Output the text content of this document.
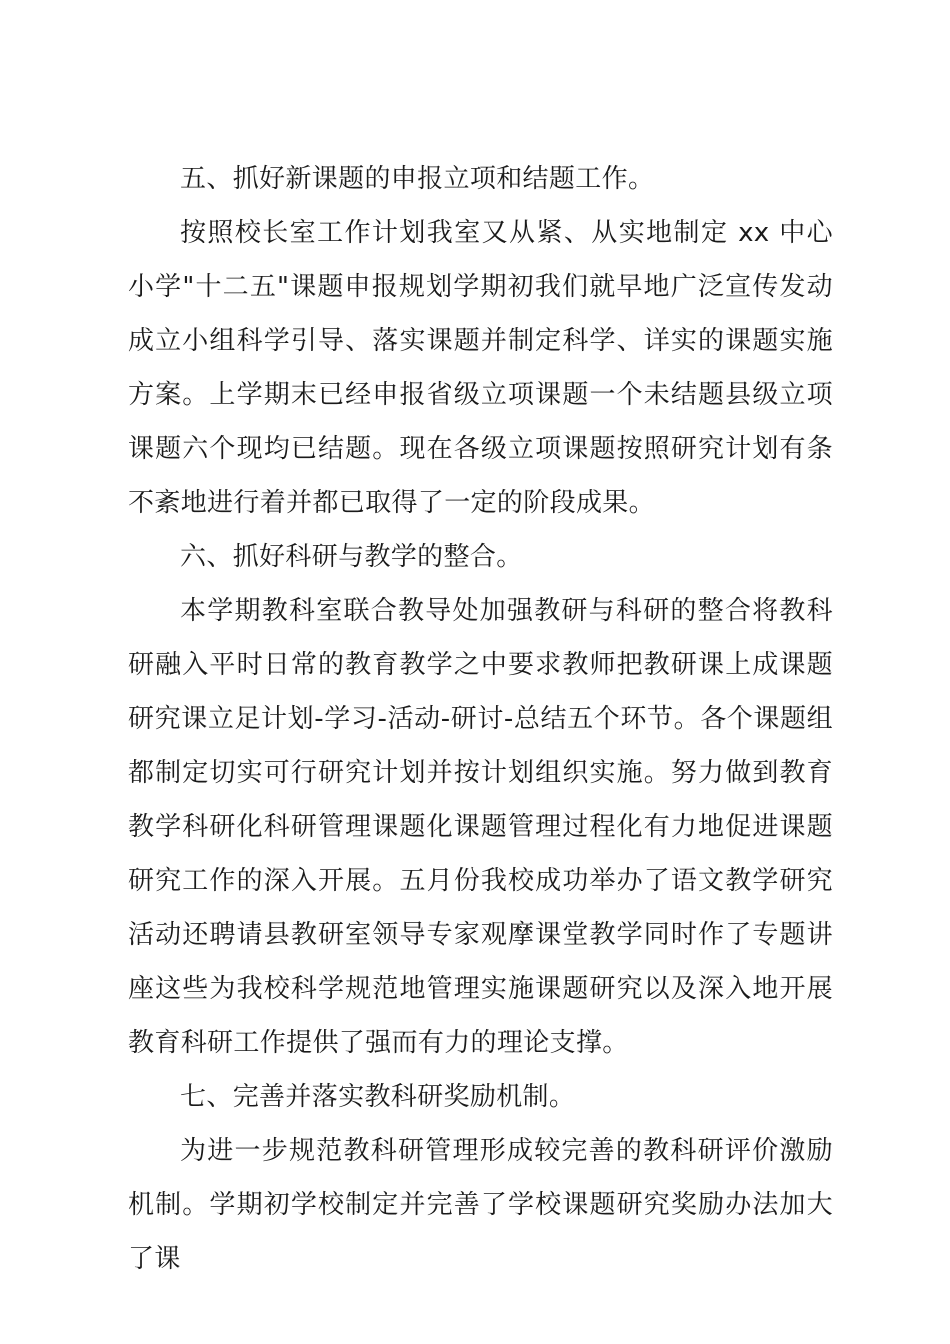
五、抓好新课题的申报立项和结题工作。

按照校长室工作计划我室又从紧、从实地制定 xx 中心小学"十二五"课题申报规划学期初我们就早地广泛宣传发动成立小组科学引导、落实课题并制定科学、详实的课题实施方案。上学期末已经申报省级立项课题一个未结题县级立项课题六个现均已结题。现在各级立项课题按照研究计划有条不紊地进行着并都已取得了一定的阶段成果。

六、抓好科研与教学的整合。

本学期教科室联合教导处加强教研与科研的整合将教科研融入平时日常的教育教学之中要求教师把教研课上成课题研究课立足计划-学习-活动-研讨-总结五个环节。各个课题组都制定切实可行研究计划并按计划组织实施。努力做到教育教学科研化科研管理课题化课题管理过程化有力地促进课题研究工作的深入开展。五月份我校成功举办了语文教学研究活动还聘请县教研室领导专家观摩课堂教学同时作了专题讲座这些为我校科学规范地管理实施课题研究以及深入地开展教育科研工作提供了强而有力的理论支撑。

七、完善并落实教科研奖励机制。

为进一步规范教科研管理形成较完善的教科研评价激励机制。学期初学校制定并完善了学校课题研究奖励办法加大了课
